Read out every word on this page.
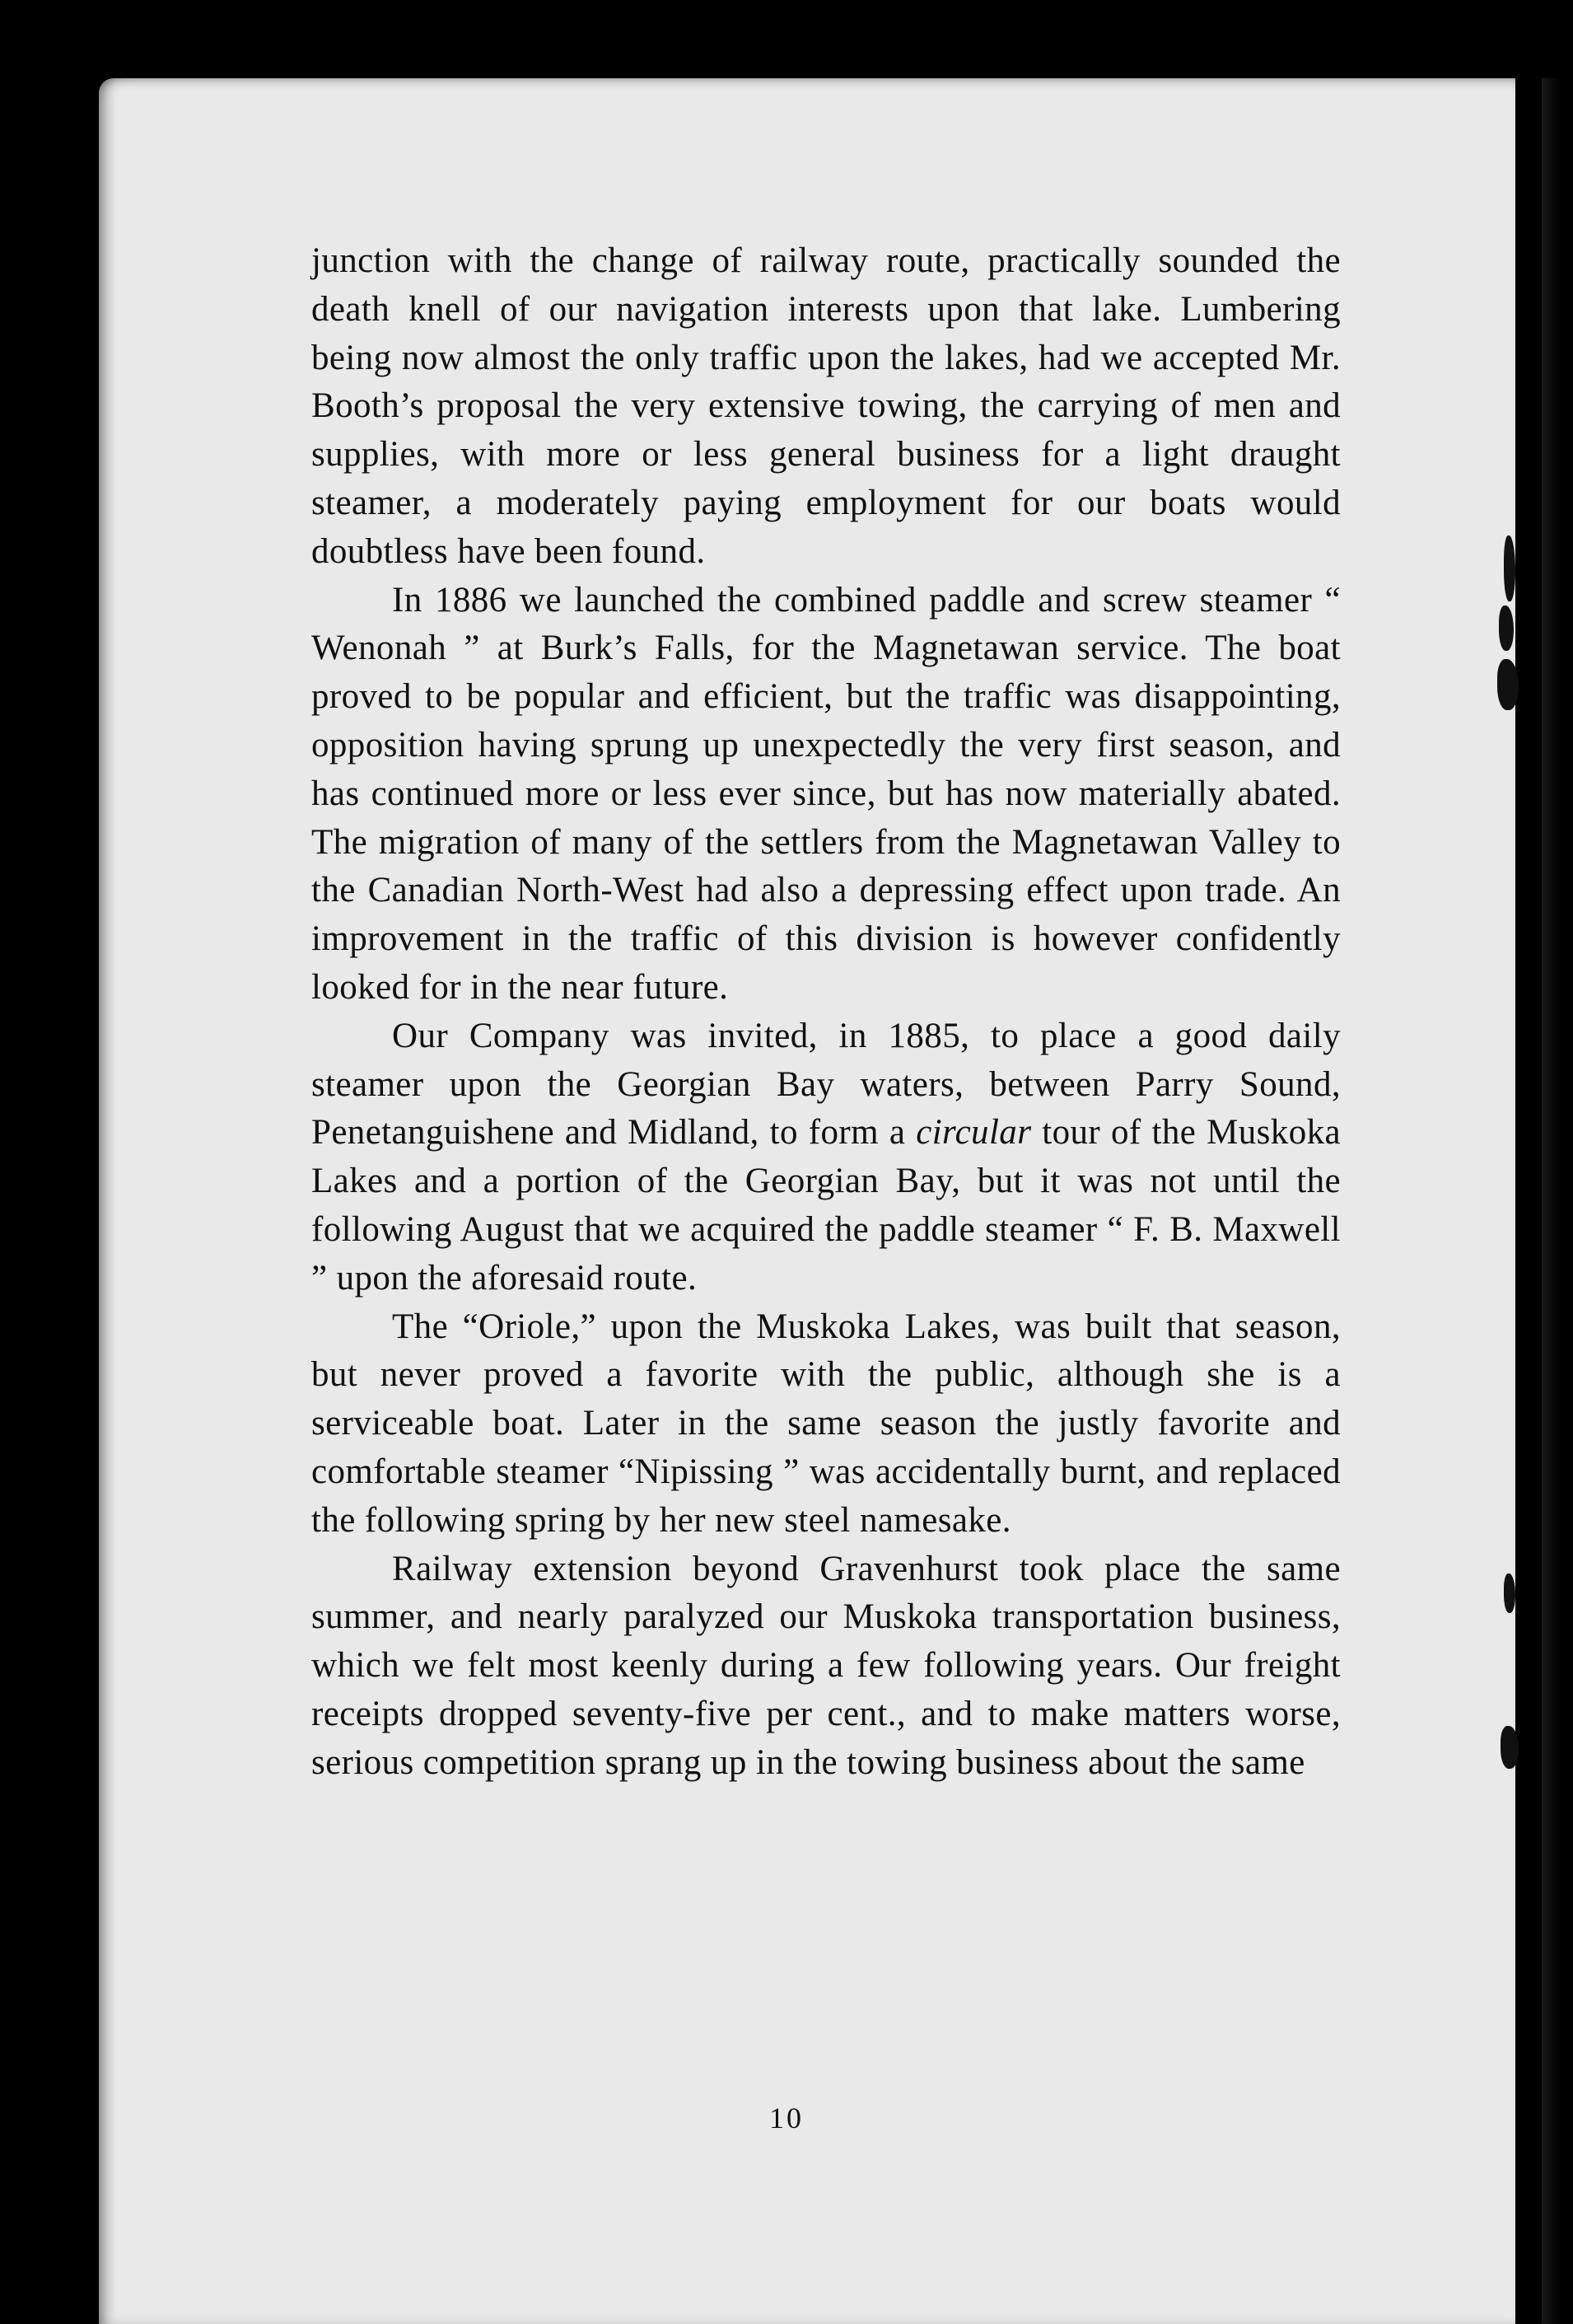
junction with the change of railway route, practically sounded the death knell of our navigation interests upon that lake. Lumbering being now almost the only traffic upon the lakes, had we accepted Mr. Booth’s proposal the very extensive towing, the carrying of men and supplies, with more or less general business for a light draught steamer, a moderately paying employment for our boats would doubtless have been found.

In 1886 we launched the combined paddle and screw steamer “ Wenonah ” at Burk’s Falls, for the Magnetawan service. The boat proved to be popular and efficient, but the traffic was disappointing, opposition having sprung up unexpectedly the very first season, and has continued more or less ever since, but has now materially abated. The migration of many of the settlers from the Magnetawan Valley to the Canadian North-West had also a depressing effect upon trade. An improvement in the traffic of this division is however confidently looked for in the near future.

Our Company was invited, in 1885, to place a good daily steamer upon the Georgian Bay waters, between Parry Sound, Penetanguishene and Midland, to form a circular tour of the Muskoka Lakes and a portion of the Georgian Bay, but it was not until the following August that we acquired the paddle steamer “ F. B. Maxwell ” upon the aforesaid route.

The “Oriole,” upon the Muskoka Lakes, was built that season, but never proved a favorite with the public, although she is a serviceable boat. Later in the same season the justly favorite and comfortable steamer “Nipissing ” was accidentally burnt, and replaced the following spring by her new steel namesake.

Railway extension beyond Gravenhurst took place the same summer, and nearly paralyzed our Muskoka transportation business, which we felt most keenly during a few following years. Our freight receipts dropped seventy-five per cent., and to make matters worse, serious competition sprang up in the towing business about the same

10
